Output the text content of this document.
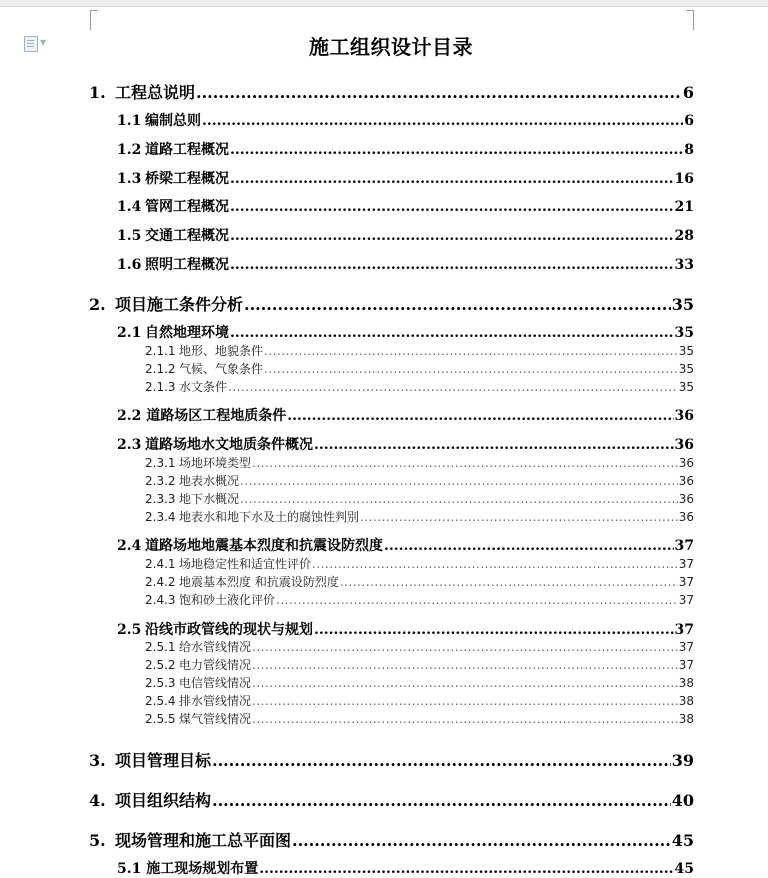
▼	施工组织设计目录
1. 工程总说明 .....	6
1.1 编制总则 .....	6
1.2 道路工程概况 .....	8
1.3 桥梁工程概况 .....	16
1.4 管网工程概况 .....	21
1.5 交通工程概况 .....	28
1.6 照明工程概况 .....	33
2. 项目施工条件分析 .....	35
2.1 自然地理环境 .....	35
2.1.1 地形、地貌条件 .....	35
2.1.2 气候、气象条件 .....	35
2.1.3 水文条件 .....	35
2.2 道路场区工程地质条件 .....	36
2.3 道路场地水文地质条件概况 .....	36
2.3.1 场地环境类型 .....	36
2.3.2 地表水概况 .....	36
2.3.3 地下水概况 .....	36
2.3.4 地表水和地下水及土的腐蚀性判别 .....	36
2.4 道路场地地震基本烈度和抗震设防烈度 .....	37
2.4.1 场地稳定性和适宜性评价 .....	37
2.4.2 地震基本烈度 和抗震设防烈度 .....	37
2.4.3 饱和砂土液化评价 .....	37
2.5 沿线市政管线的现状与规划 .....	37
2.5.1 给水管线情况 .....	37
2.5.2 电力管线情况 .....	37
2.5.3 电信管线情况 .....	38
2.5.4 排水管线情况 .....	38
2.5.5 煤气管线情况 .....	38
3. 项目管理目标 .....	39
4. 项目组织结构 .....	40
5. 现场管理和施工总平面图 .....	45
5.1 施工现场规划布置 .....	45
